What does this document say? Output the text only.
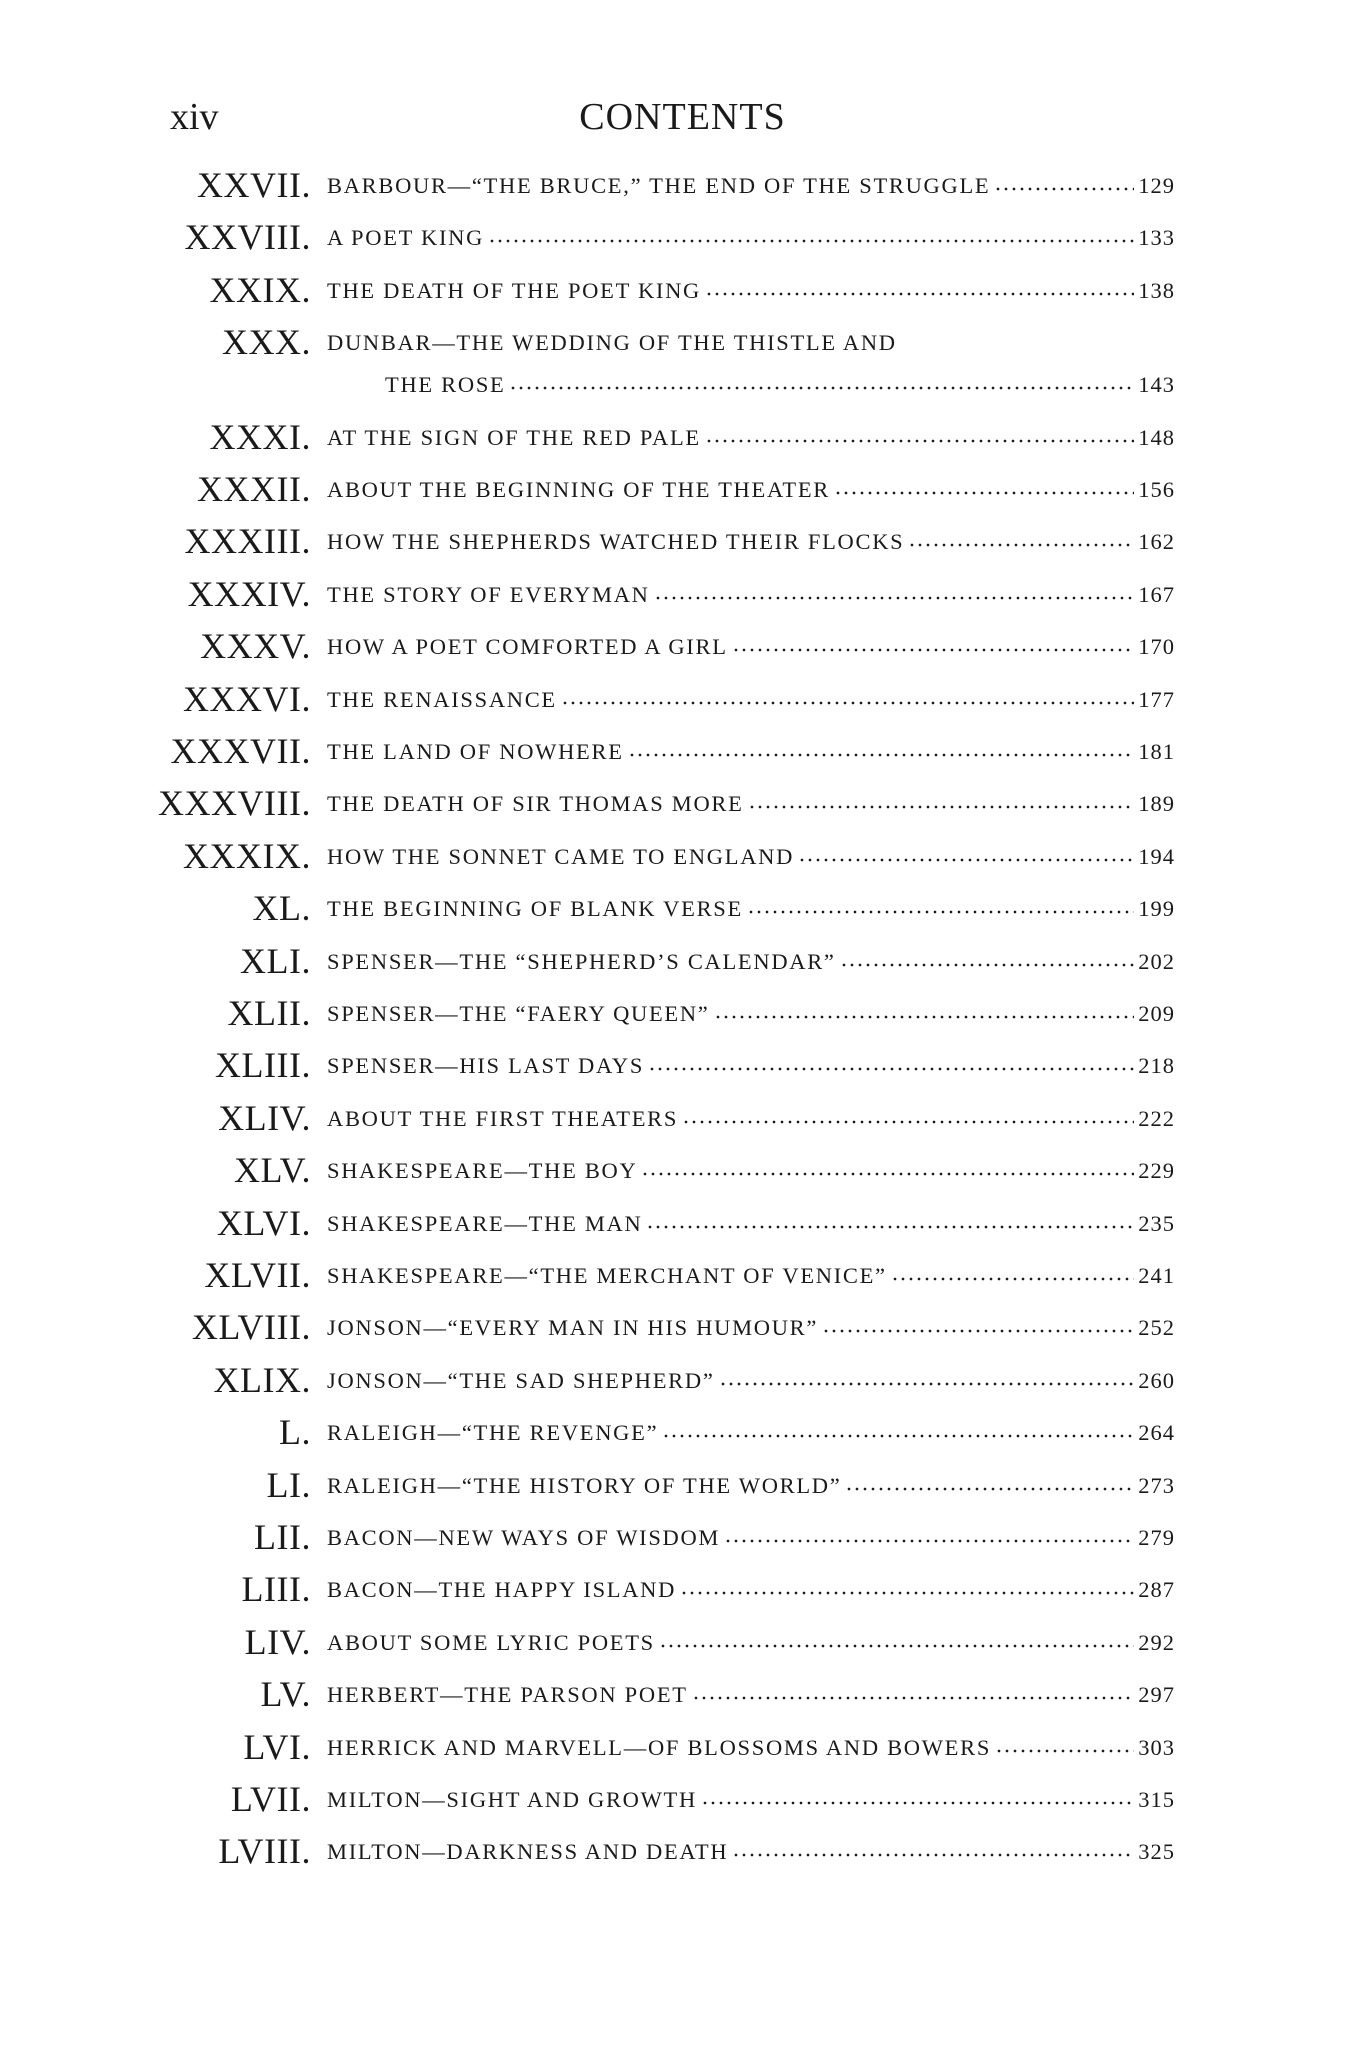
xiv	CONTENTS
XXVII. BARBOUR—“THE BRUCE,” THE END OF THE STRUGGLE	129
XXVIII. A POET KING	133
XXIX. THE DEATH OF THE POET KING	138
XXX. DUNBAR—THE WEDDING OF THE THISTLE AND
THE ROSE	143
XXXI. AT THE SIGN OF THE RED PALE	148
XXXII. ABOUT THE BEGINNING OF THE THEATER	156
XXXIII. HOW THE SHEPHERDS WATCHED THEIR FLOCKS	162
XXXIV. THE STORY OF EVERYMAN	167
XXXV. HOW A POET COMFORTED A GIRL	170
XXXVI. THE RENAISSANCE	177
XXXVII. THE LAND OF NOWHERE	181
XXXVIII. THE DEATH OF SIR THOMAS MORE	189
XXXIX. HOW THE SONNET CAME TO ENGLAND	194
XL. THE BEGINNING OF BLANK VERSE	199
XLI. SPENSER—THE “SHEPHERD’S CALENDAR”	202
XLII. SPENSER—THE “FAERY QUEEN”	209
XLIII. SPENSER—HIS LAST DAYS	218
XLIV. ABOUT THE FIRST THEATERS	222
XLV. SHAKESPEARE—THE BOY	229
XLVI. SHAKESPEARE—THE MAN	235
XLVII. SHAKESPEARE—“THE MERCHANT OF VENICE”	241
XLVIII. JONSON—“EVERY MAN IN HIS HUMOUR”	252
XLIX. JONSON—“THE SAD SHEPHERD”	260
L. RALEIGH—“THE REVENGE”	264
LI. RALEIGH—“THE HISTORY OF THE WORLD”	273
LII. BACON—NEW WAYS OF WISDOM	279
LIII. BACON—THE HAPPY ISLAND	287
LIV. ABOUT SOME LYRIC POETS	292
LV. HERBERT—THE PARSON POET	297
LVI. HERRICK AND MARVELL—OF BLOSSOMS AND BOWERS	303
LVII. MILTON—SIGHT AND GROWTH	315
LVIII. MILTON—DARKNESS AND DEATH	325
